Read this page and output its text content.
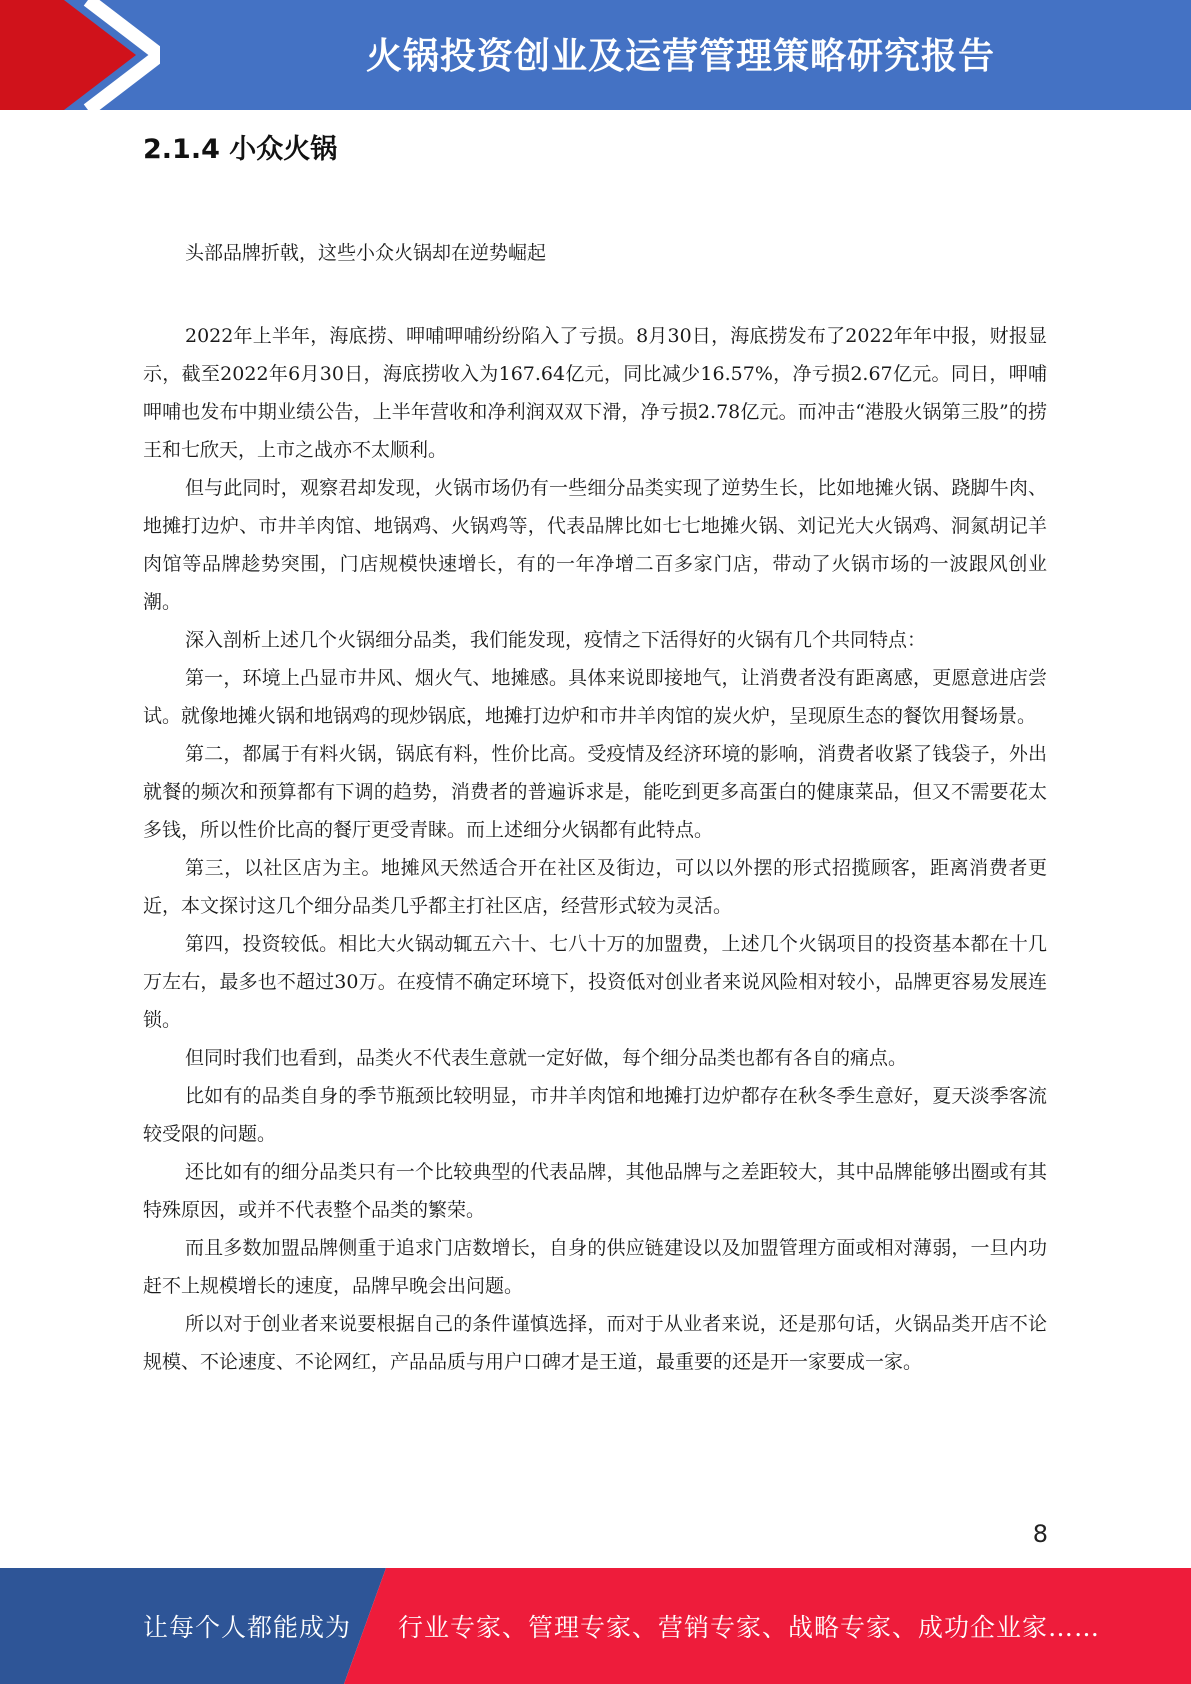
火锅投资创业及运营管理策略研究报告
2.1.4 小众火锅

头部品牌折戟，这些小众火锅却在逆势崛起

2022年上半年，海底捞、呷哺呷哺纷纷陷入了亏损。8月30日，海底捞发布了2022年年中报，财报显示，截至2022年6月30日，海底捞收入为167.64亿元，同比减少16.57%，净亏损2.67亿元。同日，呷哺呷哺也发布中期业绩公告，上半年营收和净利润双双下滑，净亏损2.78亿元。而冲击“港股火锅第三股”的捞王和七欣天，上市之战亦不太顺利。

但与此同时，观察君却发现，火锅市场仍有一些细分品类实现了逆势生长，比如地摊火锅、跷脚牛肉、地摊打边炉、市井羊肉馆、地锅鸡、火锅鸡等，代表品牌比如七七地摊火锅、刘记光大火锅鸡、洞氮胡记羊肉馆等品牌趁势突围，门店规模快速增长，有的一年净增二百多家门店，带动了火锅市场的一波跟风创业潮。

深入剖析上述几个火锅细分品类，我们能发现，疫情之下活得好的火锅有几个共同特点：

第一，环境上凸显市井风、烟火气、地摊感。具体来说即接地气，让消费者没有距离感，更愿意进店尝试。就像地摊火锅和地锅鸡的现炒锅底，地摊打边炉和市井羊肉馆的炭火炉，呈现原生态的餐饮用餐场景。

第二，都属于有料火锅，锅底有料，性价比高。受疫情及经济环境的影响，消费者收紧了钱袋子，外出就餐的频次和预算都有下调的趋势，消费者的普遍诉求是，能吃到更多高蛋白的健康菜品，但又不需要花太多钱，所以性价比高的餐厅更受青睐。而上述细分火锅都有此特点。

第三，以社区店为主。地摊风天然适合开在社区及街边，可以以外摆的形式招揽顾客，距离消费者更近，本文探讨这几个细分品类几乎都主打社区店，经营形式较为灵活。

第四，投资较低。相比大火锅动辄五六十、七八十万的加盟费，上述几个火锅项目的投资基本都在十几万左右，最多也不超过30万。在疫情不确定环境下，投资低对创业者来说风险相对较小，品牌更容易发展连锁。

但同时我们也看到，品类火不代表生意就一定好做，每个细分品类也都有各自的痛点。

比如有的品类自身的季节瓶颈比较明显，市井羊肉馆和地摊打边炉都存在秋冬季生意好，夏天淡季客流较受限的问题。

还比如有的细分品类只有一个比较典型的代表品牌，其他品牌与之差距较大，其中品牌能够出圈或有其特殊原因，或并不代表整个品类的繁荣。

而且多数加盟品牌侧重于追求门店数增长，自身的供应链建设以及加盟管理方面或相对薄弱，一旦内功赶不上规模增长的速度，品牌早晚会出问题。

所以对于创业者来说要根据自己的条件谨慎选择，而对于从业者来说，还是那句话，火锅品类开店不论规模、不论速度、不论网红，产品品质与用户口碑才是王道，最重要的还是开一家要成一家。

8
让每个人都能成为 行业专家、管理专家、营销专家、战略专家、成功企业家……
